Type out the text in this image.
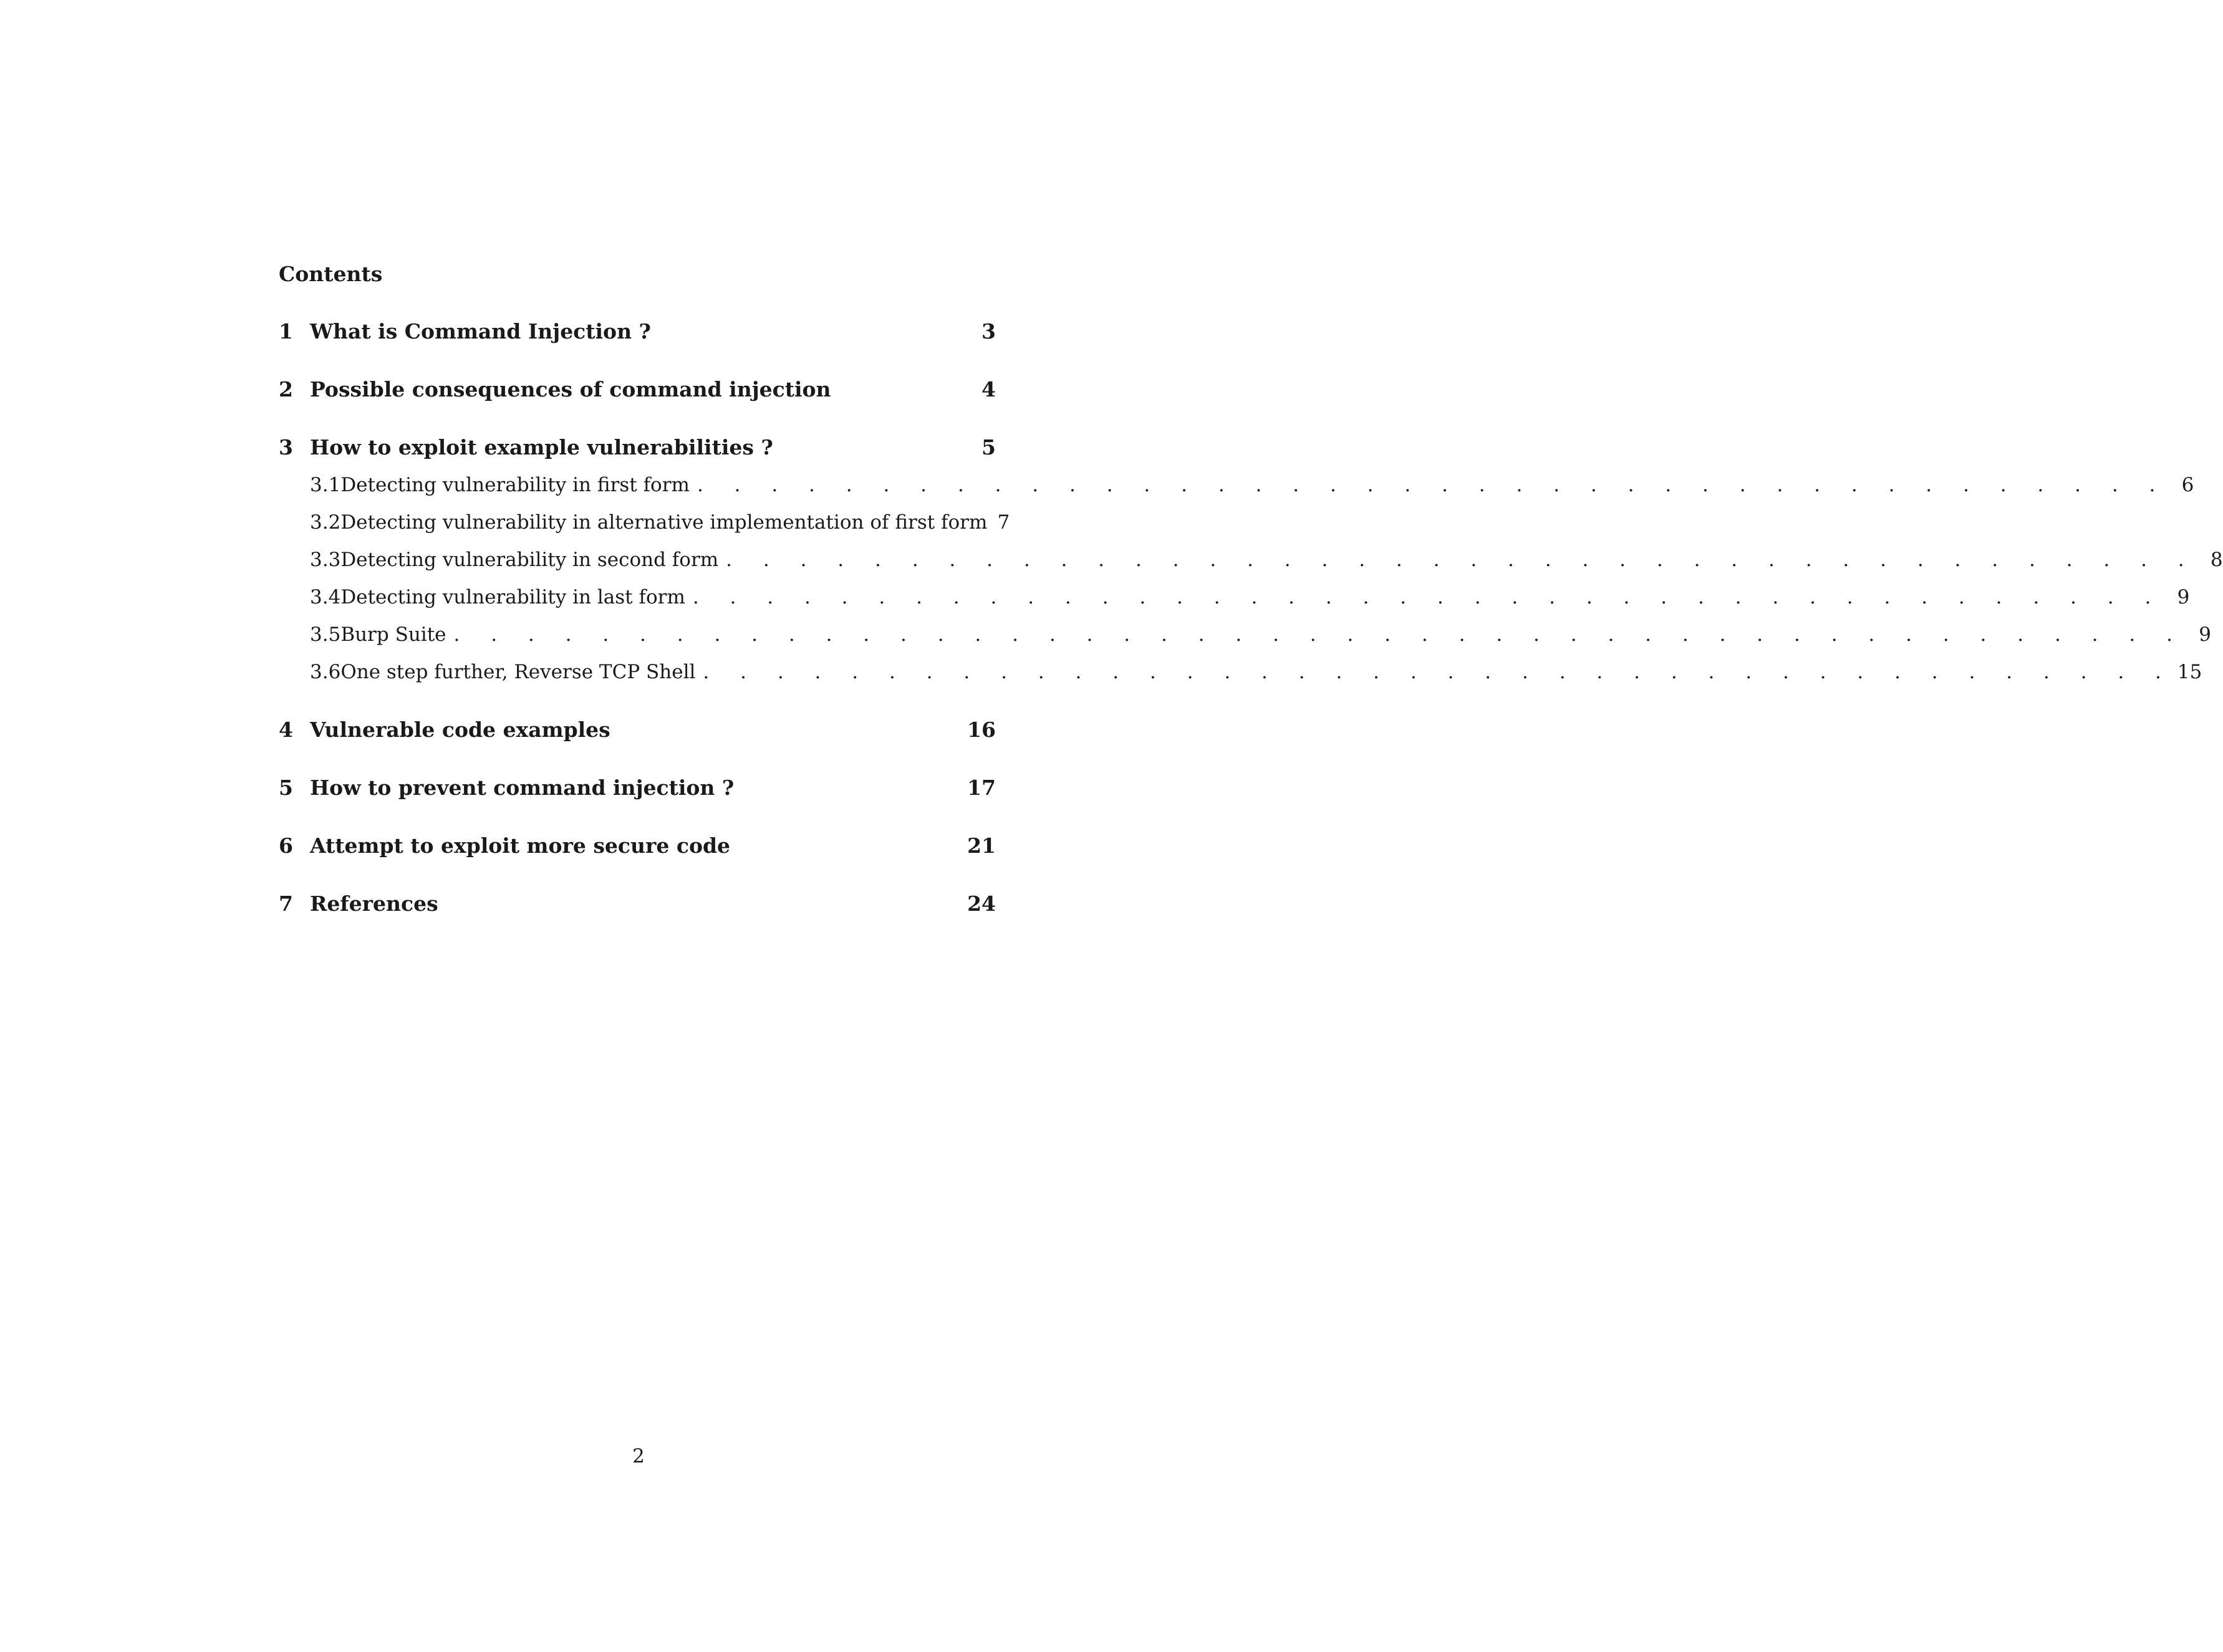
Contents
1 What is Command Injection ?	3
2 Possible consequences of command injection	4
3 How to exploit example vulnerabilities ?	5
3.1 Detecting vulnerability in first form . . . . . . . . . . . . . . . . . . . . . . . . . . . . . . . . . . . . . . . . 6
3.2 Detecting vulnerability in alternative implementation of first form 7
3.3 Detecting vulnerability in second form . . . . . . . . . . . . . . . . . . . . . . . . . . . . . . . . . . . . . . . . 8
3.4 Detecting vulnerability in last form . . . . . . . . . . . . . . . . . . . . . . . . . . . . . . . . . . . . . . . . 9
3.5 Burp Suite . . . . . . . . . . . . . . . . . . . . . . . . . . . . . . . . . . . . . . . . . . . . . . . 9
3.6 One step further, Reverse TCP Shell . . . . . . . . . . . . . . . . . . . . . . . . . . . . . . . . . . . . . . . . 15
4 Vulnerable code examples	16
5 How to prevent command injection ?	17
6 Attempt to exploit more secure code	21
7 References	24
2
